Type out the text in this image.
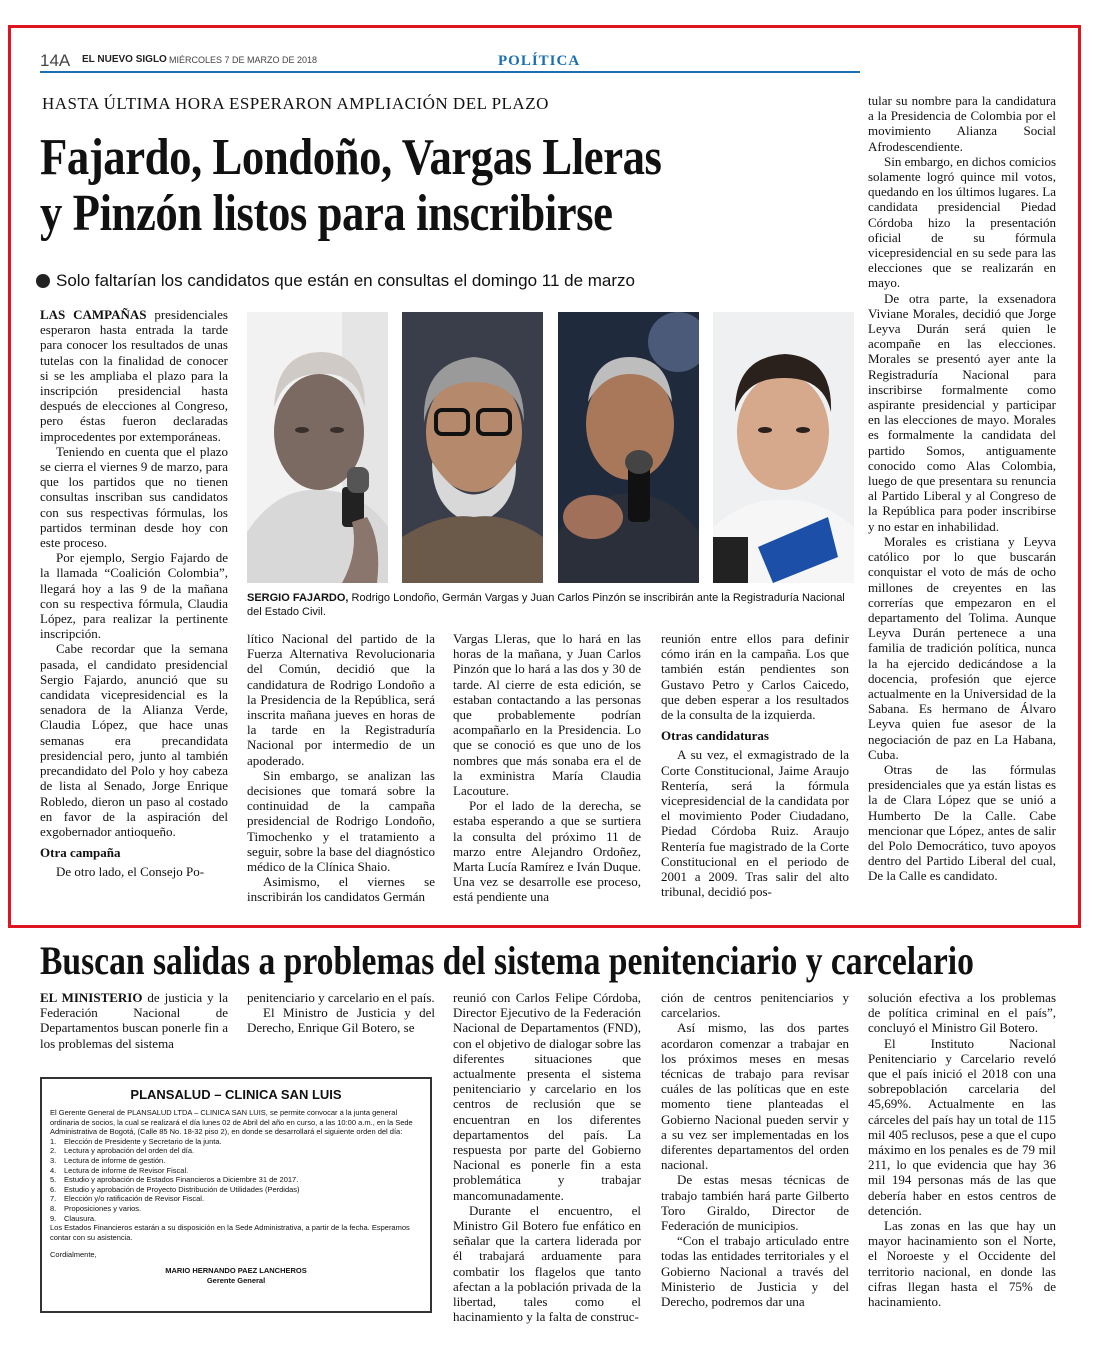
14A EL NUEVO SIGLO MIÉRCOLES 7 DE MARZO DE 2018	POLÍTICA
HASTA ÚLTIMA HORA ESPERARON AMPLIACIÓN DEL PLAZO
Fajardo, Londoño, Vargas Lleras
y Pinzón listos para inscribirse
Solo faltarían los candidatos que están en consultas el domingo 11 de marzo

LAS CAMPAÑAS presidenciales esperaron hasta entrada la tarde para conocer los resultados de unas tutelas con la finalidad de conocer si se les ampliaba el plazo para la inscripción presidencial hasta después de elecciones al Congreso, pero éstas fueron declaradas improcedentes por extemporáneas.

Teniendo en cuenta que el plazo se cierra el viernes 9 de marzo, para que los partidos que no tienen consultas inscriban sus candidatos con sus respectivas fórmulas, los partidos terminan desde hoy con este proceso.

Por ejemplo, Sergio Fajardo de la llamada “Coalición Colombia”, llegará hoy a las 9 de la mañana con su respectiva fórmula, Claudia López, para realizar la pertinente inscripción.

Cabe recordar que la semana pasada, el candidato presidencial Sergio Fajardo, anunció que su candidata vicepresidencial es la senadora de la Alianza Verde, Claudia López, que hace unas semanas era precandidata presidencial pero, junto al también precandidato del Polo y hoy cabeza de lista al Senado, Jorge Enrique Robledo, dieron un paso al costado en favor de la aspiración del exgobernador antioqueño.

Otra campaña

De otro lado, el Consejo Po-

SERGIO FAJARDO, Rodrigo Londoño, Germán Vargas y Juan Carlos Pinzón se inscribirán ante la Registraduría Nacional del Estado Civil.

lítico Nacional del partido de la Fuerza Alternativa Revolucionaria del Común, decidió que la candidatura de Rodrigo Londoño a la Presidencia de la República, será inscrita mañana jueves en horas de la tarde en la Registraduría Nacional por intermedio de un apoderado.

Sin embargo, se analizan las decisiones que tomará sobre la continuidad de la campaña presidencial de Rodrigo Londoño, Timochenko y el tratamiento a seguir, sobre la base del diagnóstico médico de la Clínica Shaio.

Asimismo, el viernes se inscribirán los candidatos Germán

Vargas Lleras, que lo hará en las horas de la mañana, y Juan Carlos Pinzón que lo hará a las dos y 30 de tarde. Al cierre de esta edición, se estaban contactando a las personas que probablemente podrían acompañarlo en la Presidencia. Lo que se conoció es que uno de los nombres que más sonaba era el de la exministra María Claudia Lacouture.

Por el lado de la derecha, se estaba esperando a que se surtiera la consulta del próximo 11 de marzo entre Alejandro Ordoñez, Marta Lucía Ramírez e Iván Duque. Una vez se desarrolle ese proceso, está pendiente una

reunión entre ellos para definir cómo irán en la campaña. Los que también están pendientes son Gustavo Petro y Carlos Caicedo, que deben esperar a los resultados de la consulta de la izquierda.

Otras candidaturas

A su vez, el exmagistrado de la Corte Constitucional, Jaime Araujo Rentería, será la fórmula vicepresidencial de la candidata por el movimiento Poder Ciudadano, Piedad Córdoba Ruiz. Araujo Rentería fue magistrado de la Corte Constitucional en el periodo de 2001 a 2009. Tras salir del alto tribunal, decidió pos-

tular su nombre para la candidatura a la Presidencia de Colombia por el movimiento Alianza Social Afrodescendiente.

Sin embargo, en dichos comicios solamente logró quince mil votos, quedando en los últimos lugares. La candidata presidencial Piedad Córdoba hizo la presentación oficial de su fórmula vicepresidencial en su sede para las elecciones que se realizarán en mayo.

De otra parte, la exsenadora Viviane Morales, decidió que Jorge Leyva Durán será quien le acompañe en las elecciones. Morales se presentó ayer ante la Registraduría Nacional para inscribirse formalmente como aspirante presidencial y participar en las elecciones de mayo. Morales es formalmente la candidata del partido Somos, antiguamente conocido como Alas Colombia, luego de que presentara su renuncia al Partido Liberal y al Congreso de la República para poder inscribirse y no estar en inhabilidad.

Morales es cristiana y Leyva católico por lo que buscarán conquistar el voto de más de ocho millones de creyentes en las correrías que empezaron en el departamento del Tolima. Aunque Leyva Durán pertenece a una familia de tradición política, nunca la ha ejercido dedicándose a la docencia, profesión que ejerce actualmente en la Universidad de la Sabana. Es hermano de Álvaro Leyva quien fue asesor de la negociación de paz en La Habana, Cuba.

Otras de las fórmulas presidenciales que ya están listas es la de Clara López que se unió a Humberto De la Calle. Cabe mencionar que López, antes de salir del Polo Democrático, tuvo apoyos dentro del Partido Liberal del cual, De la Calle es candidato.

Buscan salidas a problemas del sistema penitenciario y carcelario

EL MINISTERIO de justicia y la Federación Nacional de Departamentos buscan ponerle fin a los problemas del sistema

penitenciario y carcelario en el país.

El Ministro de Justicia y del Derecho, Enrique Gil Botero, se

reunió con Carlos Felipe Córdoba, Director Ejecutivo de la Federación Nacional de Departamentos (FND), con el objetivo de dialogar sobre las diferentes situaciones que actualmente presenta el sistema penitenciario y carcelario en los centros de reclusión que se encuentran en los diferentes departamentos del país. La respuesta por parte del Gobierno Nacional es ponerle fin a esta problemática y trabajar mancomunadamente.

Durante el encuentro, el Ministro Gil Botero fue enfático en señalar que la cartera liderada por él trabajará arduamente para combatir los flagelos que tanto afectan a la población privada de la libertad, tales como el hacinamiento y la falta de construc-

ción de centros penitenciarios y carcelarios.

Así mismo, las dos partes acordaron comenzar a trabajar en los próximos meses en mesas técnicas de trabajo para revisar cuáles de las políticas que en este momento tiene planteadas el Gobierno Nacional pueden servir y a su vez ser implementadas en los diferentes departamentos del orden nacional.

De estas mesas técnicas de trabajo también hará parte Gilberto Toro Giraldo, Director de Federación de municipios.

“Con el trabajo articulado entre todas las entidades territoriales y el Gobierno Nacional a través del Ministerio de Justicia y del Derecho, podremos dar una

solución efectiva a los problemas de política criminal en el país”, concluyó el Ministro Gil Botero.

El Instituto Nacional Penitenciario y Carcelario reveló que el país inició el 2018 con una sobrepoblación carcelaria del 45,69%. Actualmente en las cárceles del país hay un total de 115 mil 405 reclusos, pese a que el cupo máximo en los penales es de 79 mil 211, lo que evidencia que hay 36 mil 194 personas más de las que debería haber en estos centros de detención.

Las zonas en las que hay un mayor hacinamiento son el Norte, el Noroeste y el Occidente del territorio nacional, en donde las cifras llegan hasta el 75% de hacinamiento.

PLANSALUD – CLINICA SAN LUIS
El Gerente General de PLANSALUD LTDA – CLINICA SAN LUIS, se permite convocar a la junta general ordinaria de socios, la cual se realizará el día lunes 02 de Abril del año en curso, a las 10:00 a.m., en la Sede Administrativa de Bogotá, (Calle 85 No. 18-32 piso 2), en donde se desarrollará el siguiente orden del día:
1.	Elección de Presidente y Secretario de la junta.
2.	Lectura y aprobación del orden del día.
3.	Lectura de informe de gestión.
4.	Lectura de informe de Revisor Fiscal.
5.	Estudio y aprobación de Estados Financieros a Diciembre 31 de 2017.
6.	Estudio y aprobación de Proyecto Distribución de Utilidades (Perdidas)
7.	Elección y/o ratificación de Revisor Fiscal.
8.	Proposiciones y varios.
9.	Clausura.
Los Estados Financieros estarán a su disposición en la Sede Administrativa, a partir de la fecha. Esperamos contar con su asistencia.
Cordialmente,
MARIO HERNANDO PAEZ LANCHEROS
Gerente General
